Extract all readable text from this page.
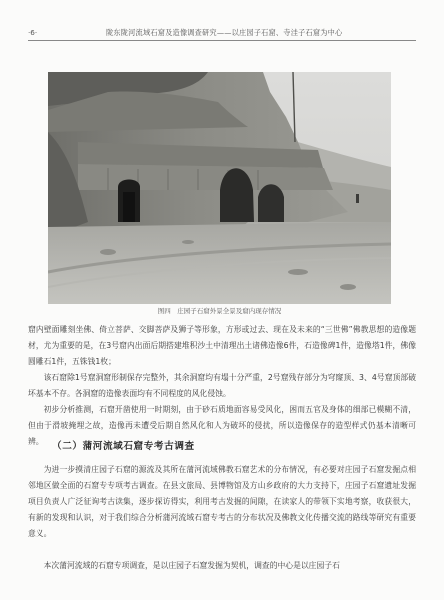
·6·	陇东陇河流域石窟及造像调查研究——以庄园子石窟、寺洼子石窟为中心
图四　庄园子石窟外景全景及窟内现存情况
窟内壁面雕刻坐佛、倚立菩萨、交脚菩萨及狮子等形象，方形或过去、现在及未来的“三世佛”佛教思想的造像题材，尤为重要的是，在3号窟内出面后期搭建堆积沙土中清理出土诸佛造像6件，石造像碑1件，造像塔1件，佛像圆雕石1件，五铢钱1枚；
该石窟除1号窟洞窟形制保存完整外，其余洞窟均有塌十分严重，2号窟残存部分为穹窿顶、3、4号窟顶部破坏基本不存。各洞窟的造像表面均有不同程度的风化侵蚀。
初步分析推测，石窟开凿使用一时期刻，由于砂石质地面容易受风化，困而五官及身体的细部已模糊不清，但由于滑坡掩埋之故，造像再未遭受后期自然风化和人为破坏的侵扰，所以造像保存的造型样式仍基本清晰可辨。 （二）蒲河流域石窟专考古调查
为进一步摸清庄园子石窟的源流及其所在蒲河流域佛教石窟艺术的分布情况，有必要对庄园子石窟发掘点相邻地区做全面的石窟专专项考古调查。在县文旅局、县博物馆及方山乡政府的大力支持下，庄园子石窟遗址发掘项目负责人广泛征询考古读集，逐步探访得实，利用考古发掘的间隙，在读家人的带领下实地考察，收获很大，有新的发现和认识，对于我们综合分析蒲河流域石窟专考古的分布状况及佛教文化传播交流的路线等研究有重要意义。
本次蒲河流域的石窟专项调查，是以庄园子石窟发掘为契机，调查的中心是以庄园子石
